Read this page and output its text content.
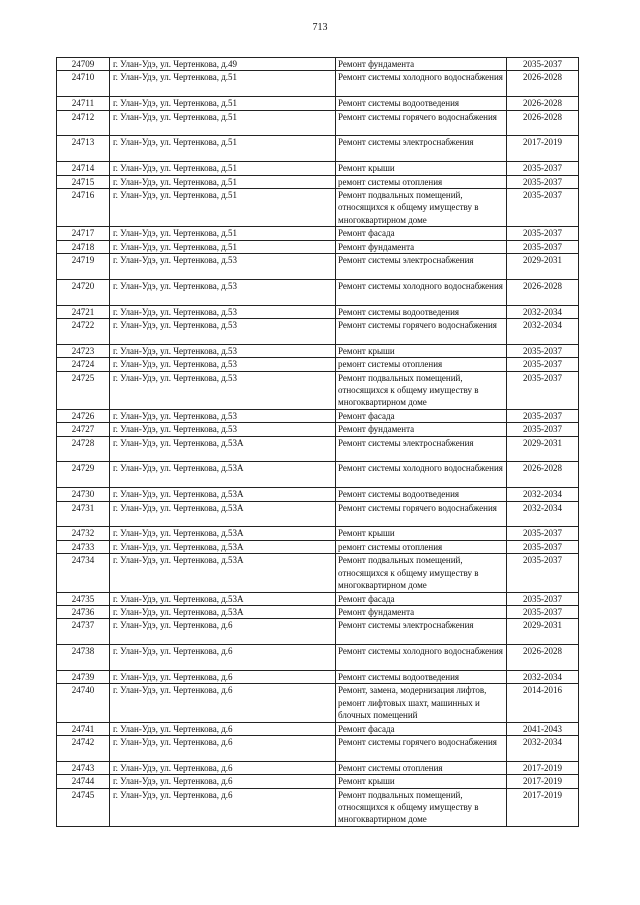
713
24709	г. Улан-Удэ, ул. Чертенкова, д.49	Ремонт фундамента	2035-2037
24710	г. Улан-Удэ, ул. Чертенкова, д.51	Ремонт системы холодного водоснабжения	2026-2028
24711	г. Улан-Удэ, ул. Чертенкова, д.51	Ремонт системы водоотведения	2026-2028
24712	г. Улан-Удэ, ул. Чертенкова, д.51	Ремонт системы горячего водоснабжения	2026-2028
24713	г. Улан-Удэ, ул. Чертенкова, д.51	Ремонт системы электроснабжения	2017-2019
24714	г. Улан-Удэ, ул. Чертенкова, д.51	Ремонт крыши	2035-2037
24715	г. Улан-Удэ, ул. Чертенкова, д.51	ремонт системы отопления	2035-2037
24716	г. Улан-Удэ, ул. Чертенкова, д.51	Ремонт подвальных помещений, относящихся к общему имуществу в многоквартирном доме	2035-2037
24717	г. Улан-Удэ, ул. Чертенкова, д.51	Ремонт фасада	2035-2037
24718	г. Улан-Удэ, ул. Чертенкова, д.51	Ремонт фундамента	2035-2037
24719	г. Улан-Удэ, ул. Чертенкова, д.53	Ремонт системы электроснабжения	2029-2031
24720	г. Улан-Удэ, ул. Чертенкова, д.53	Ремонт системы холодного водоснабжения	2026-2028
24721	г. Улан-Удэ, ул. Чертенкова, д.53	Ремонт системы водоотведения	2032-2034
24722	г. Улан-Удэ, ул. Чертенкова, д.53	Ремонт системы горячего водоснабжения	2032-2034
24723	г. Улан-Удэ, ул. Чертенкова, д.53	Ремонт крыши	2035-2037
24724	г. Улан-Удэ, ул. Чертенкова, д.53	ремонт системы отопления	2035-2037
24725	г. Улан-Удэ, ул. Чертенкова, д.53	Ремонт подвальных помещений, относящихся к общему имуществу в многоквартирном доме	2035-2037
24726	г. Улан-Удэ, ул. Чертенкова, д.53	Ремонт фасада	2035-2037
24727	г. Улан-Удэ, ул. Чертенкова, д.53	Ремонт фундамента	2035-2037
24728	г. Улан-Удэ, ул. Чертенкова, д.53А	Ремонт системы электроснабжения	2029-2031
24729	г. Улан-Удэ, ул. Чертенкова, д.53А	Ремонт системы холодного водоснабжения	2026-2028
24730	г. Улан-Удэ, ул. Чертенкова, д.53А	Ремонт системы водоотведения	2032-2034
24731	г. Улан-Удэ, ул. Чертенкова, д.53А	Ремонт системы горячего водоснабжения	2032-2034
24732	г. Улан-Удэ, ул. Чертенкова, д.53А	Ремонт крыши	2035-2037
24733	г. Улан-Удэ, ул. Чертенкова, д.53А	ремонт системы отопления	2035-2037
24734	г. Улан-Удэ, ул. Чертенкова, д.53А	Ремонт подвальных помещений, относящихся к общему имуществу в многоквартирном доме	2035-2037
24735	г. Улан-Удэ, ул. Чертенкова, д.53А	Ремонт фасада	2035-2037
24736	г. Улан-Удэ, ул. Чертенкова, д.53А	Ремонт фундамента	2035-2037
24737	г. Улан-Удэ, ул. Чертенкова, д.6	Ремонт системы электроснабжения	2029-2031
24738	г. Улан-Удэ, ул. Чертенкова, д.6	Ремонт системы холодного водоснабжения	2026-2028
24739	г. Улан-Удэ, ул. Чертенкова, д.6	Ремонт системы водоотведения	2032-2034
24740	г. Улан-Удэ, ул. Чертенкова, д.6	Ремонт, замена, модернизация лифтов, ремонт лифтовых шахт, машинных и блочных помещений	2014-2016
24741	г. Улан-Удэ, ул. Чертенкова, д.6	Ремонт фасада	2041-2043
24742	г. Улан-Удэ, ул. Чертенкова, д.6	Ремонт системы горячего водоснабжения	2032-2034
24743	г. Улан-Удэ, ул. Чертенкова, д.6	Ремонт системы отопления	2017-2019
24744	г. Улан-Удэ, ул. Чертенкова, д.6	Ремонт крыши	2017-2019
24745	г. Улан-Удэ, ул. Чертенкова, д.6	Ремонт подвальных помещений, относящихся к общему имуществу в многоквартирном доме	2017-2019
